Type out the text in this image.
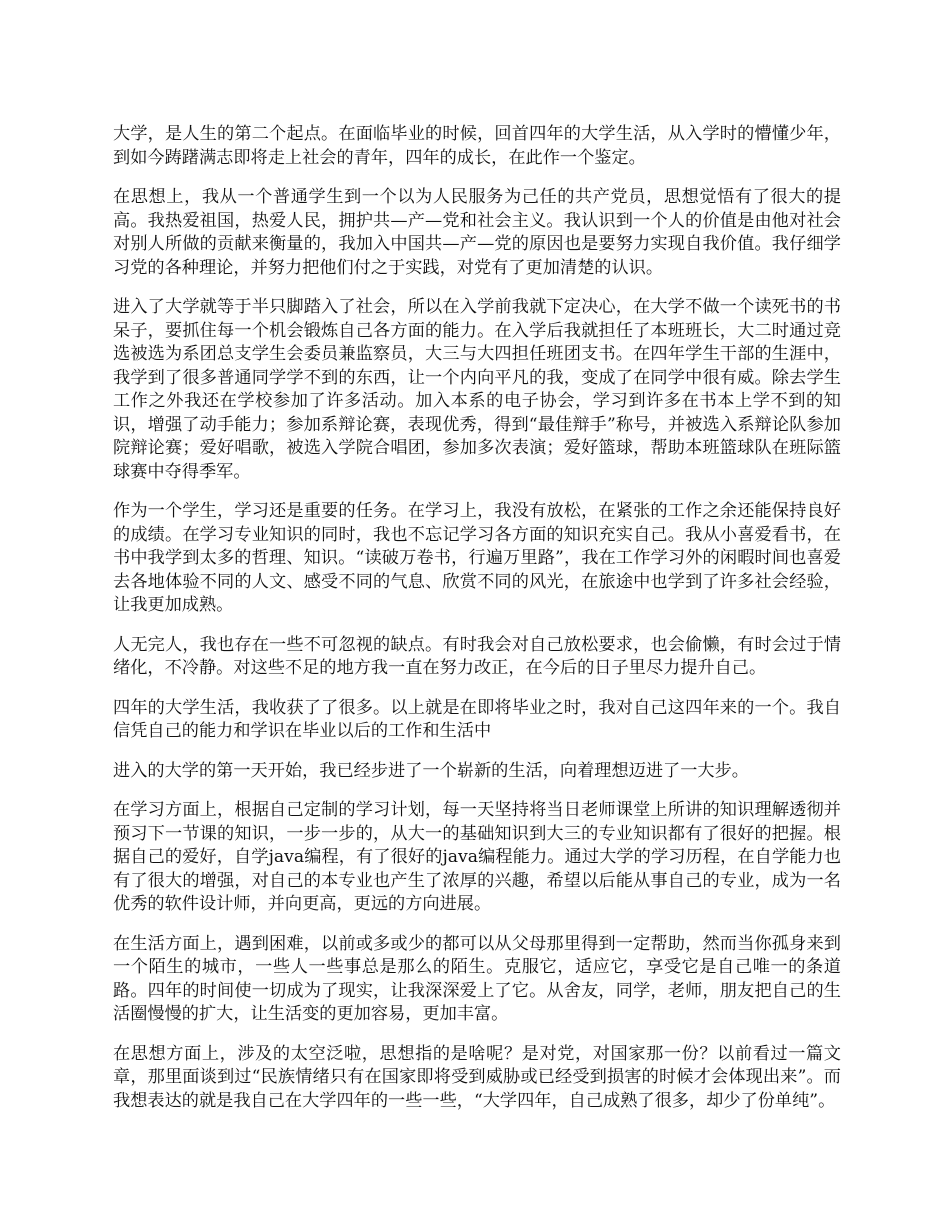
大学，是人生的第二个起点。在面临毕业的时候，回首四年的大学生活，从入学时的懵懂少年，到如今踌躇满志即将走上社会的青年，四年的成长，在此作一个鉴定。

在思想上，我从一个普通学生到一个以为人民服务为己任的共产党员，思想觉悟有了很大的提高。我热爱祖国，热爱人民，拥护共—产—党和社会主义。我认识到一个人的价值是由他对社会对别人所做的贡献来衡量的，我加入中国共—产—党的原因也是要努力实现自我价值。我仔细学习党的各种理论，并努力把他们付之于实践，对党有了更加清楚的认识。

进入了大学就等于半只脚踏入了社会，所以在入学前我就下定决心，在大学不做一个读死书的书呆子，要抓住每一个机会锻炼自己各方面的能力。在入学后我就担任了本班班长，大二时通过竞选被选为系团总支学生会委员兼监察员，大三与大四担任班团支书。在四年学生干部的生涯中，我学到了很多普通同学学不到的东西，让一个内向平凡的我，变成了在同学中很有威。除去学生工作之外我还在学校参加了许多活动。加入本系的电子协会，学习到许多在书本上学不到的知识，增强了动手能力；参加系辩论赛，表现优秀，得到“最佳辩手”称号，并被选入系辩论队参加院辩论赛；爱好唱歌，被选入学院合唱团，参加多次表演；爱好篮球，帮助本班篮球队在班际篮球赛中夺得季军。

作为一个学生，学习还是重要的任务。在学习上，我没有放松，在紧张的工作之余还能保持良好的成绩。在学习专业知识的同时，我也不忘记学习各方面的知识充实自己。我从小喜爱看书，在书中我学到太多的哲理、知识。“读破万卷书，行遍万里路”，我在工作学习外的闲暇时间也喜爱去各地体验不同的人文、感受不同的气息、欣赏不同的风光，在旅途中也学到了许多社会经验，让我更加成熟。

人无完人，我也存在一些不可忽视的缺点。有时我会对自己放松要求，也会偷懒，有时会过于情绪化，不冷静。对这些不足的地方我一直在努力改正，在今后的日子里尽力提升自己。

四年的大学生活，我收获了了很多。以上就是在即将毕业之时，我对自己这四年来的一个。我自信凭自己的能力和学识在毕业以后的工作和生活中

进入的大学的第一天开始，我已经步进了一个崭新的生活，向着理想迈进了一大步。

在学习方面上，根据自己定制的学习计划，每一天坚持将当日老师课堂上所讲的知识理解透彻并预习下一节课的知识，一步一步的，从大一的基础知识到大三的专业知识都有了很好的把握。根据自己的爱好，自学java编程，有了很好的java编程能力。通过大学的学习历程，在自学能力也有了很大的增强，对自己的本专业也产生了浓厚的兴趣，希望以后能从事自己的专业，成为一名优秀的软件设计师，并向更高，更远的方向进展。

在生活方面上，遇到困难，以前或多或少的都可以从父母那里得到一定帮助，然而当你孤身来到一个陌生的城市，一些人一些事总是那么的陌生。克服它，适应它，享受它是自己唯一的条道路。四年的时间使一切成为了现实，让我深深爱上了它。从舍友，同学，老师，朋友把自己的生活圈慢慢的扩大，让生活变的更加容易，更加丰富。

在思想方面上，涉及的太空泛啦，思想指的是啥呢？是对党，对国家那一份？以前看过一篇文章，那里面谈到过“民族情绪只有在国家即将受到威胁或已经受到损害的时候才会体现出来”。而我想表达的就是我自己在大学四年的一些一些，“大学四年，自己成熟了很多，却少了份单纯”。
